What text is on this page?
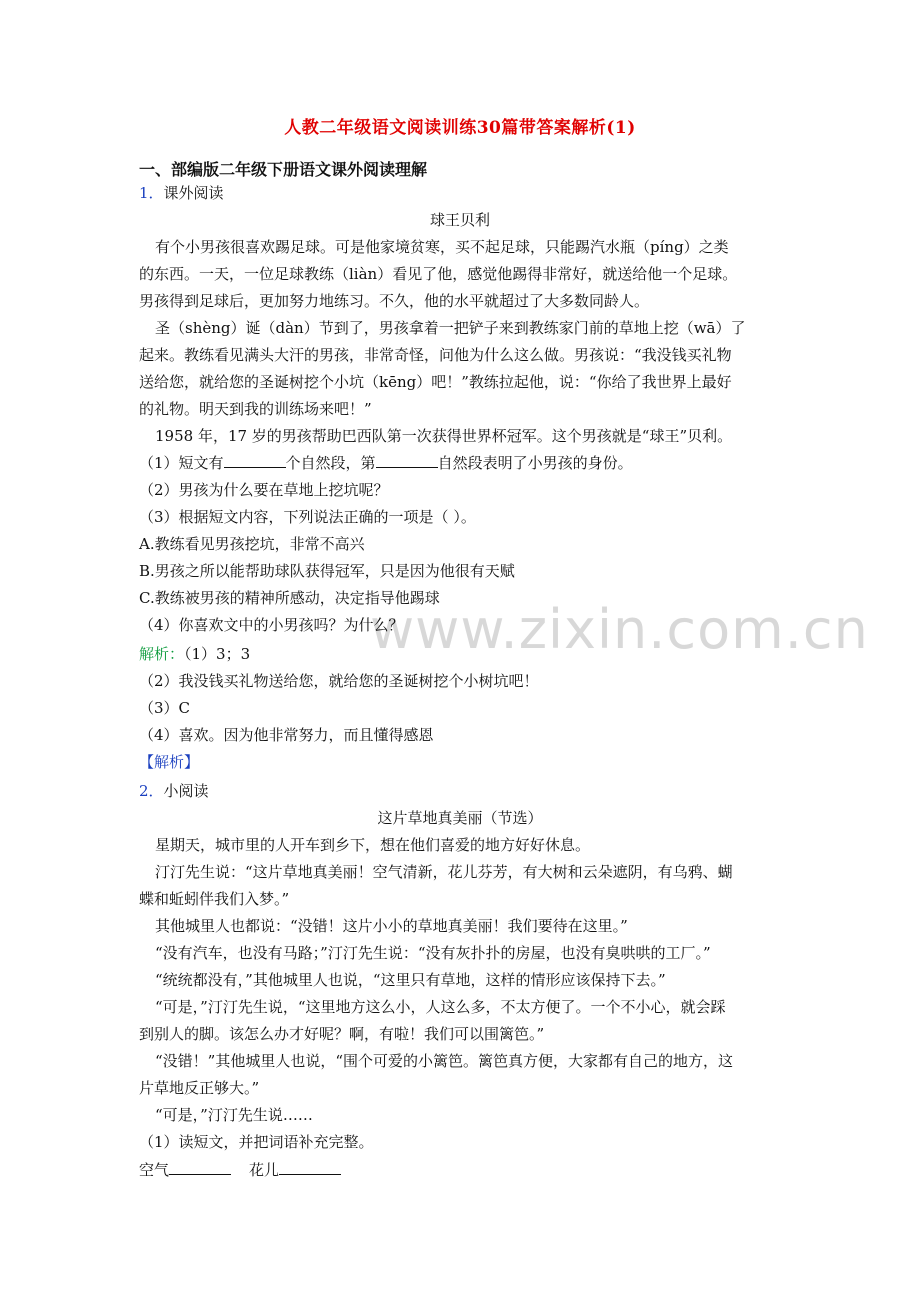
www.zixin.com.cn
人教二年级语文阅读训练30篇带答案解析(1)
一、部编版二年级下册语文课外阅读理解
1．课外阅读
球王贝利
有个小男孩很喜欢踢足球。可是他家境贫寒，买不起足球，只能踢汽水瓶（píng）之类
的东西。一天，一位足球教练（liàn）看见了他，感觉他踢得非常好，就送给他一个足球。
男孩得到足球后，更加努力地练习。不久，他的水平就超过了大多数同龄人。
圣（shèng）诞（dàn）节到了，男孩拿着一把铲子来到教练家门前的草地上挖（wā）了
起来。教练看见满头大汗的男孩，非常奇怪，问他为什么这么做。男孩说：“我没钱买礼物
送给您，就给您的圣诞树挖个小坑（kēng）吧！”教练拉起他，说：“你给了我世界上最好
的礼物。明天到我的训练场来吧！”
1958 年，17 岁的男孩帮助巴西队第一次获得世界杯冠军。这个男孩就是“球王”贝利。
（1）短文有	个自然段，第	自然段表明了小男孩的身份。
（2）男孩为什么要在草地上挖坑呢？
（3）根据短文内容，下列说法正确的一项是（ ）。
A.教练看见男孩挖坑，非常不高兴
B.男孩之所以能帮助球队获得冠军，只是因为他很有天赋
C.教练被男孩的精神所感动，决定指导他踢球
（4）你喜欢文中的小男孩吗？为什么？
解析：（1）3；3
（2）我没钱买礼物送给您，就给您的圣诞树挖个小树坑吧！
（3）C
（4）喜欢。因为他非常努力，而且懂得感恩
【解析】
2．小阅读
这片草地真美丽（节选）
星期天，城市里的人开车到乡下，想在他们喜爱的地方好好休息。
汀汀先生说：“这片草地真美丽！空气清新，花儿芬芳，有大树和云朵遮阴，有乌鸦、蝴
蝶和蚯蚓伴我们入梦。”
其他城里人也都说：“没错！这片小小的草地真美丽！我们要待在这里。”
“没有汽车，也没有马路；”汀汀先生说：“没有灰扑扑的房屋，也没有臭哄哄的工厂。”
“统统都没有，”其他城里人也说，“这里只有草地，这样的情形应该保持下去。”
“可是，”汀汀先生说，“这里地方这么小，人这么多，不太方便了。一个不小心，就会踩
到别人的脚。该怎么办才好呢？啊，有啦！我们可以围篱笆。”
“没错！”其他城里人也说，“围个可爱的小篱笆。篱笆真方便，大家都有自己的地方，这
片草地反正够大。”
“可是，”汀汀先生说……
（1）读短文，并把词语补充完整。
空气	花儿
